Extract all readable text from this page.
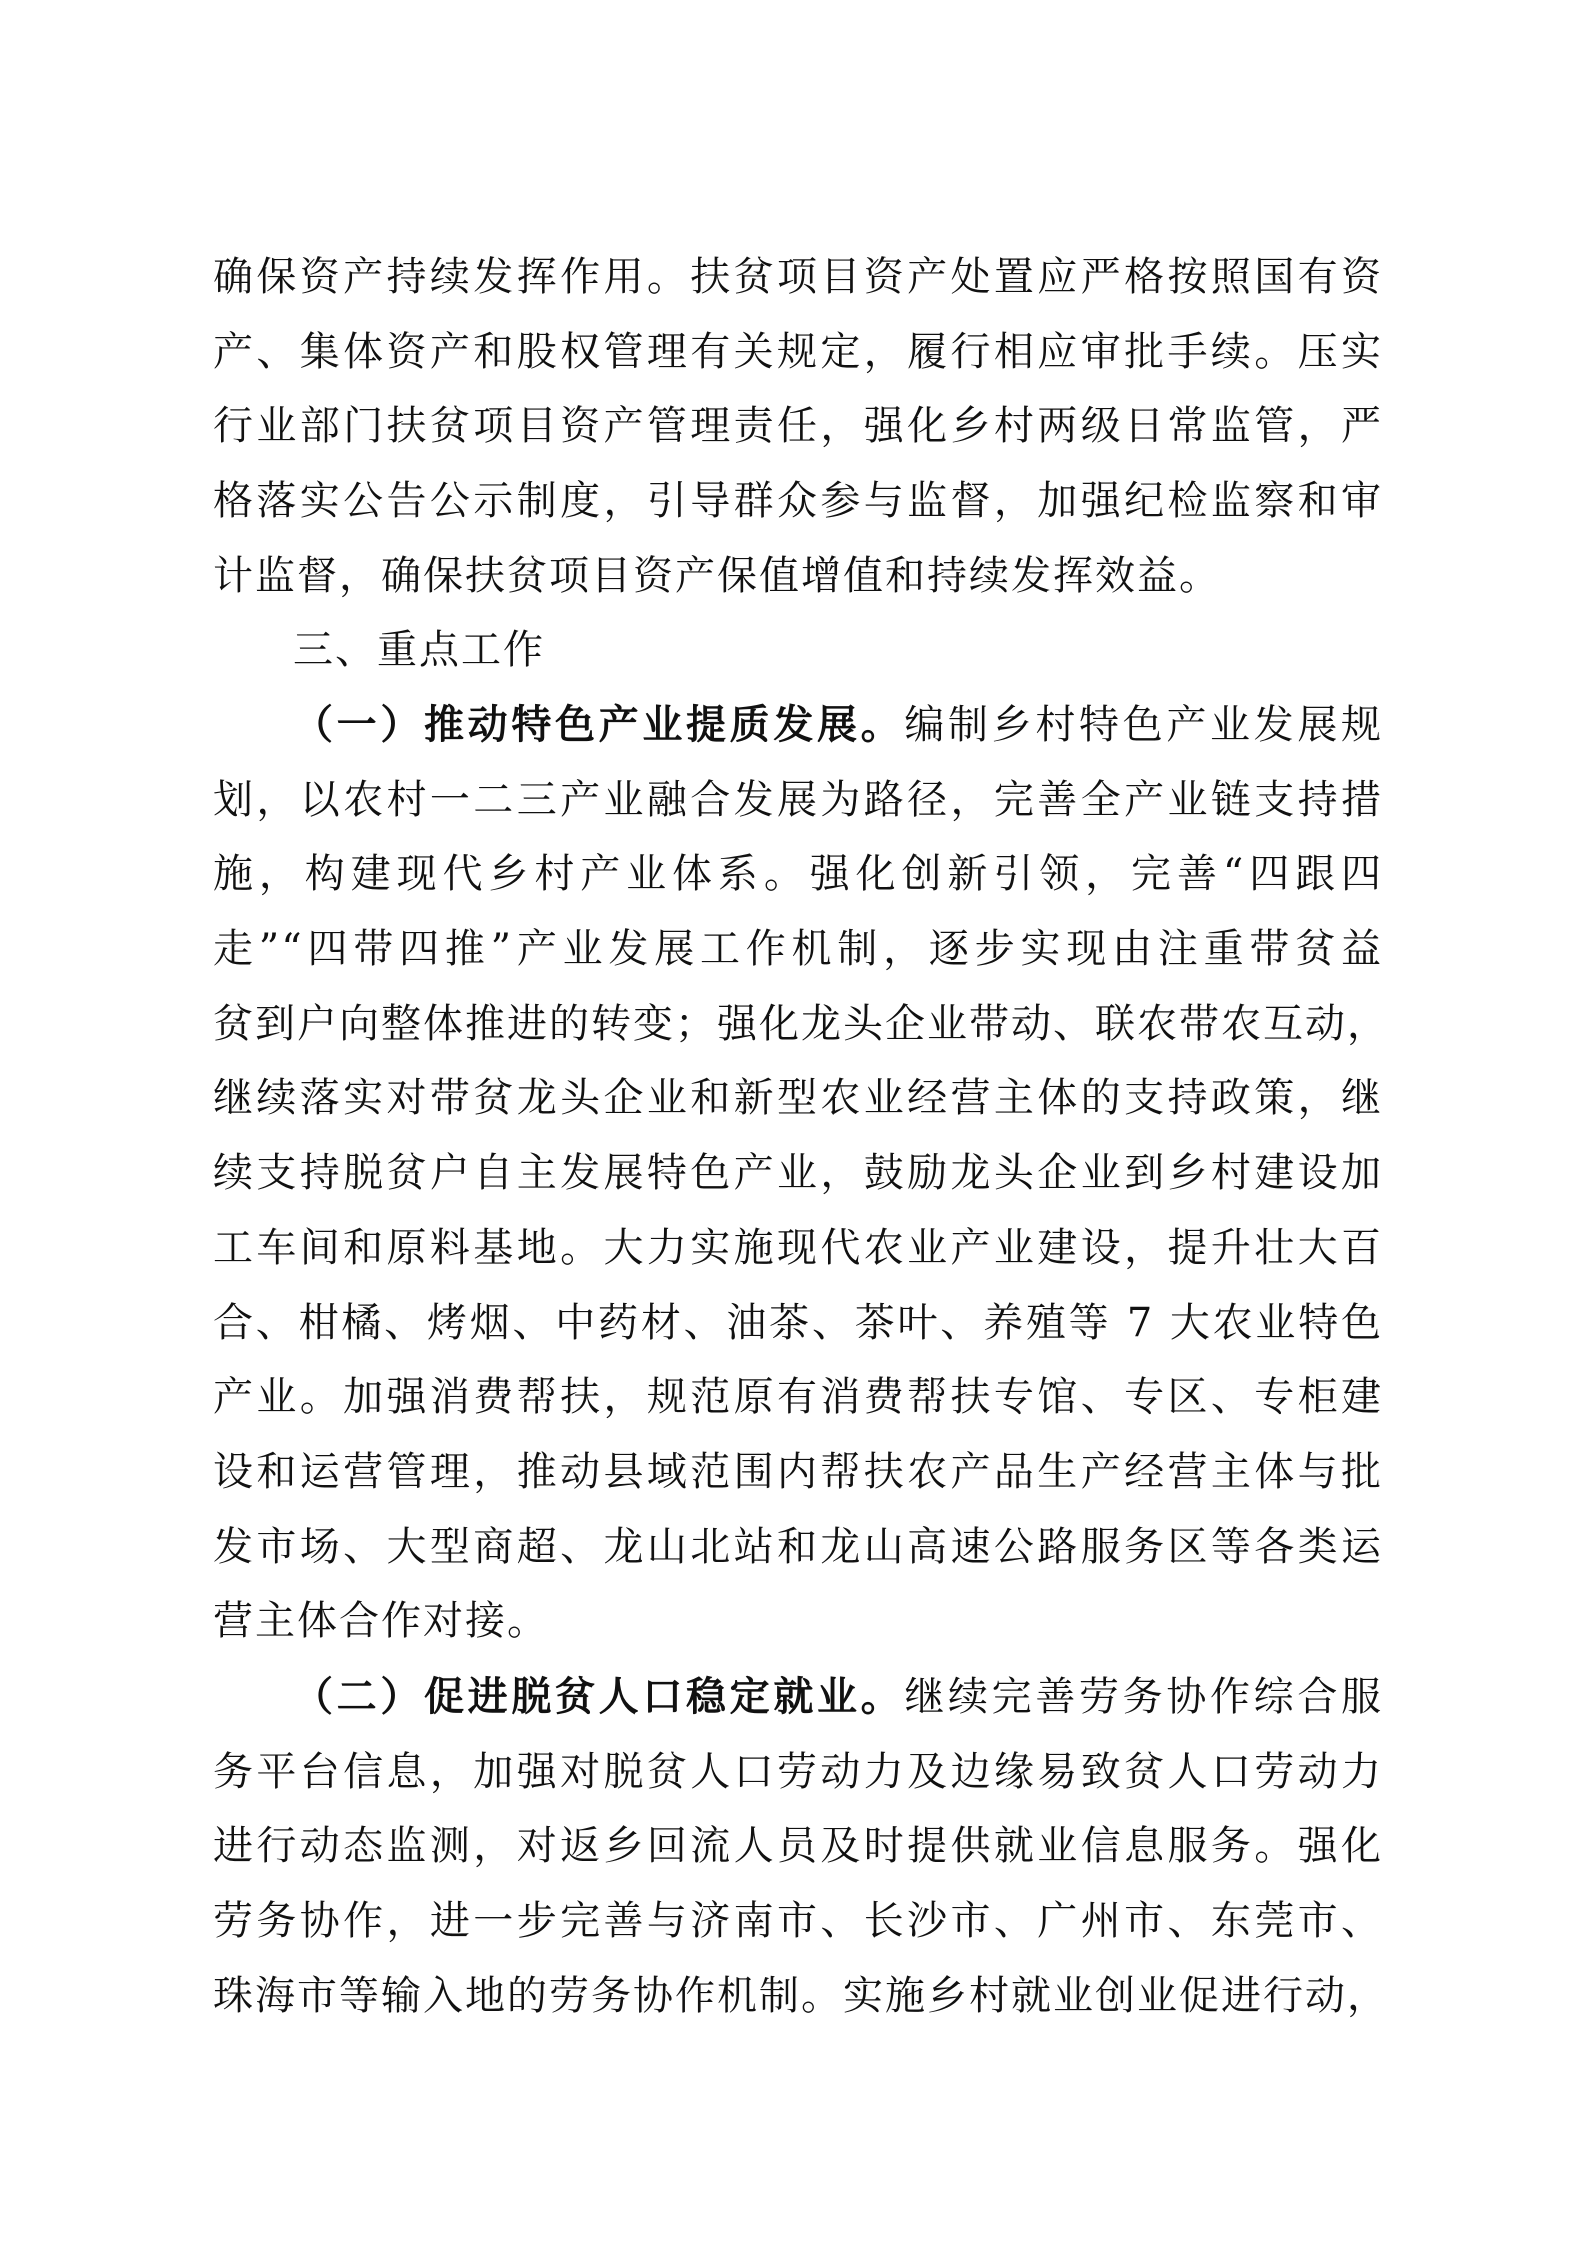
确保资产持续发挥作用。扶贫项目资产处置应严格按照国有资
产、集体资产和股权管理有关规定，履行相应审批手续。压实
行业部门扶贫项目资产管理责任，强化乡村两级日常监管，严
格落实公告公示制度，引导群众参与监督，加强纪检监察和审
计监督，确保扶贫项目资产保值增值和持续发挥效益。
三、重点工作
（一）推动特色产业提质发展。编制乡村特色产业发展规
划，以农村一二三产业融合发展为路径，完善全产业链支持措
施，构建现代乡村产业体系。强化创新引领，完善“四跟四
走”“四带四推”产业发展工作机制，逐步实现由注重带贫益
贫到户向整体推进的转变；强化龙头企业带动、联农带农互动，
继续落实对带贫龙头企业和新型农业经营主体的支持政策，继
续支持脱贫户自主发展特色产业，鼓励龙头企业到乡村建设加
工车间和原料基地。大力实施现代农业产业建设，提升壮大百
合、柑橘、烤烟、中药材、油茶、茶叶、养殖等 7 大农业特色
产业。加强消费帮扶，规范原有消费帮扶专馆、专区、专柜建
设和运营管理，推动县域范围内帮扶农产品生产经营主体与批
发市场、大型商超、龙山北站和龙山高速公路服务区等各类运
营主体合作对接。
（二）促进脱贫人口稳定就业。继续完善劳务协作综合服
务平台信息，加强对脱贫人口劳动力及边缘易致贫人口劳动力
进行动态监测，对返乡回流人员及时提供就业信息服务。强化
劳务协作，进一步完善与济南市、长沙市、广州市、东莞市、
珠海市等输入地的劳务协作机制。实施乡村就业创业促进行动，
